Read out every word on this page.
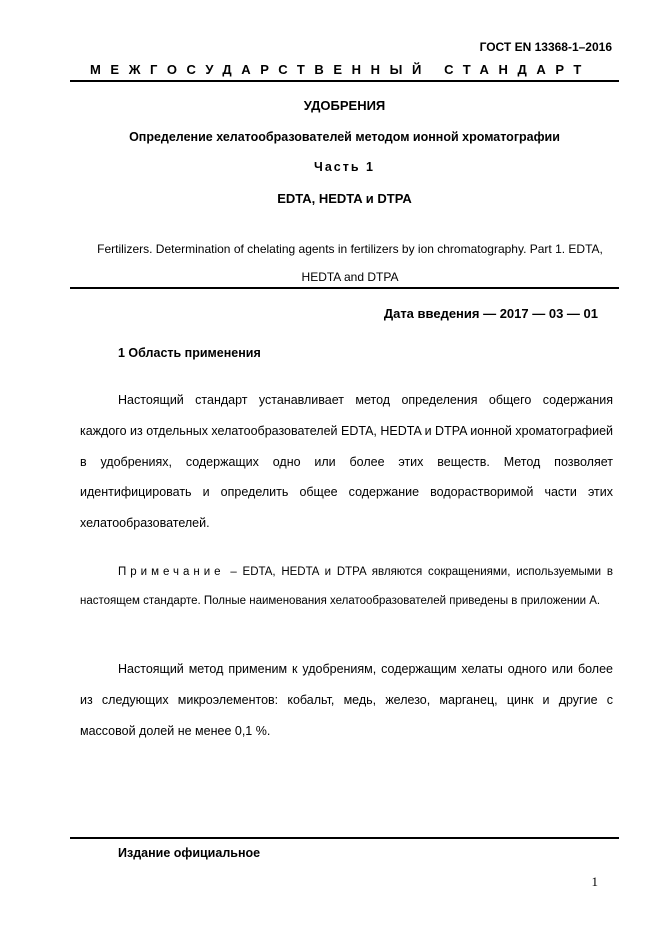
ГОСТ EN 13368-1–2016
МЕЖГОСУДАРСТВЕННЫЙ СТАНДАРТ
УДОБРЕНИЯ
Определение хелатообразователей методом ионной хроматографии
Часть 1
EDTA, HEDTA и DTPA
Fertilizers. Determination of chelating agents in fertilizers by ion chromatography. Part 1. EDTA, HEDTA and DTPA
Дата введения — 2017 — 03 — 01
1 Область применения
Настоящий стандарт устанавливает метод определения общего содержания каждого из отдельных хелатообразователей EDTA, HEDTA и DTPA ионной хроматографией в удобрениях, содержащих одно или более этих веществ. Метод позволяет идентифицировать и определить общее содержание водорастворимой части этих хелатообразователей.
Примечание – EDTA, HEDTA и DTPA являются сокращениями, используемыми в настоящем стандарте. Полные наименования хелатообразователей приведены в приложении А.
Настоящий метод применим к удобрениям, содержащим хелаты одного или более из следующих микроэлементов: кобальт, медь, железо, марганец, цинк и другие с массовой долей не менее 0,1 %.
Издание официальное
1
